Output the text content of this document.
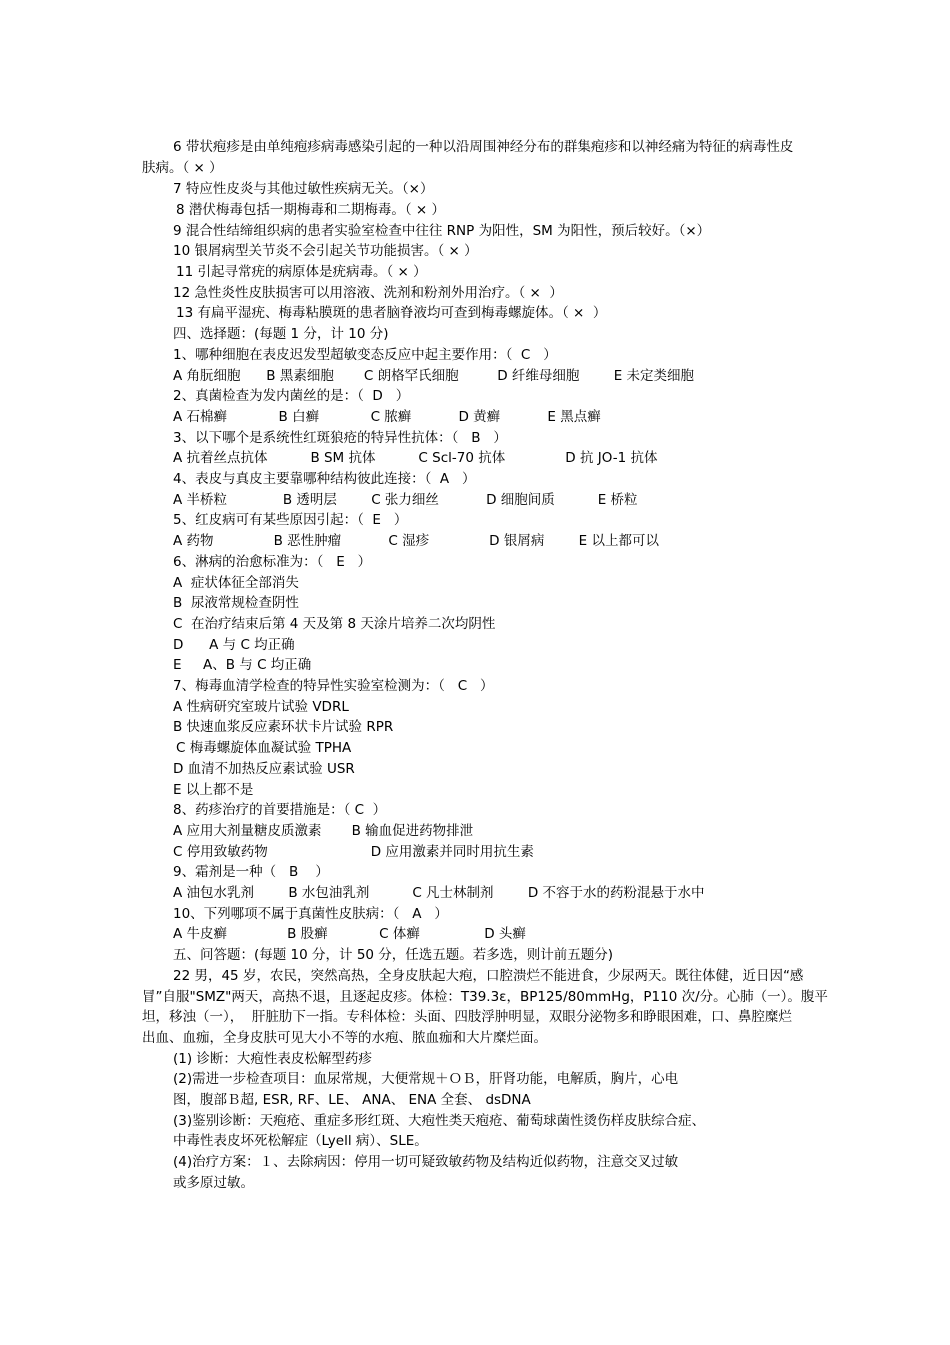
6 带状疱疹是由单纯疱疹病毒感染引起的一种以沿周围神经分布的群集疱疹和以神经痛为特征的病毒性皮
肤病。（ × ）
7 特应性皮炎与其他过敏性疾病无关。（×）
8 潜伏梅毒包括一期梅毒和二期梅毒。（ × ）
9 混合性结缔组织病的患者实验室检查中往往 RNP 为阳性，SM 为阳性，预后较好。（×）
10 银屑病型关节炎不会引起关节功能损害。（ × ）
11 引起寻常疣的病原体是疣病毒。（ × ）
12 急性炎性皮肤损害可以用溶液、洗剂和粉剂外用治疗。（ ×  ）
13 有扁平湿疣、梅毒粘膜斑的患者脑脊液均可查到梅毒螺旋体。（ ×  ）
四、选择题：(每题 1 分，计 10 分)
1、哪种细胞在表皮迟发型超敏变态反应中起主要作用：（  C   ）
A 角朊细胞      B 黑素细胞       C 朗格罕氏细胞         D 纤维母细胞        E 未定类细胞
2、真菌检查为发内菌丝的是：（  D   ）
A 石棉癣            B 白癣            C 脓癣           D 黄癣           E 黑点癣
3、以下哪个是系统性红斑狼疮的特异性抗体：（   B   ）
A 抗着丝点抗体          B SM 抗体          C Scl-70 抗体              D 抗 JO-1 抗体
4、表皮与真皮主要靠哪种结构彼此连接：（  A   ）
A 半桥粒             B 透明层        C 张力细丝           D 细胞间质          E 桥粒
5、红皮病可有某些原因引起：（  E   ）
A 药物              B 恶性肿瘤           C 湿疹              D 银屑病        E 以上都可以
6、淋病的治愈标准为：（   E   ）
A  症状体征全部消失
B  尿液常规检查阴性
C  在治疗结束后第 4 天及第 8 天涂片培养二次均阴性
D      A 与 C 均正确
E     A、B 与 C 均正确
7、梅毒血清学检查的特异性实验室检测为：（   C   ）
A 性病研究室玻片试验 VDRL
B 快速血浆反应素环状卡片试验 RPR
C 梅毒螺旋体血凝试验 TPHA
D 血清不加热反应素试验 USR
E 以上都不是
8、药疹治疗的首要措施是：（ C  ）
A 应用大剂量糖皮质激素       B 输血促进药物排泄
C 停用致敏药物                        D 应用激素并同时用抗生素
9、霜剂是一种（   B    ）
A 油包水乳剂        B 水包油乳剂          C 凡士林制剂        D 不容于水的药粉混悬于水中
10、下列哪项不属于真菌性皮肤病：（   A   ）
A 牛皮癣              B 股癣            C 体癣               D 头癣
五、问答题：(每题 10 分，计 50 分，任选五题。若多选，则计前五题分)
22 男，45 岁，农民，突然高热，全身皮肤起大疱，口腔溃烂不能进食，少尿两天。既往体健，近日因“感
冒”自服"SMZ"两天，高热不退，且逐起皮疹。体检：T39.3ε，BP125/80mmHg，P110 次/分。心肺（一）。腹平
坦，移浊（一），  肝脏肋下一指。专科体检：头面、四肢浮肿明显，双眼分泌物多和睁眼困难，口、鼻腔糜烂
出血、血痂，全身皮肤可见大小不等的水疱、脓血痂和大片糜烂面。
(1) 诊断：大疱性表皮松解型药疹
(2)需进一步检查项目：血尿常规，大便常规＋ＯＢ，肝肾功能，电解质，胸片，心电
图，腹部Ｂ超, ESR, RF、LE、 ANA、 ENA 全套、 dsDNA
(3)鉴别诊断：天疱疮、重症多形红斑、大疱性类天疱疮、葡萄球菌性烫伤样皮肤综合症、
中毒性表皮坏死松解症（Lyell 病）、SLE。
(4)治疗方案：１、去除病因：停用一切可疑致敏药物及结构近似药物，注意交叉过敏
或多原过敏。
